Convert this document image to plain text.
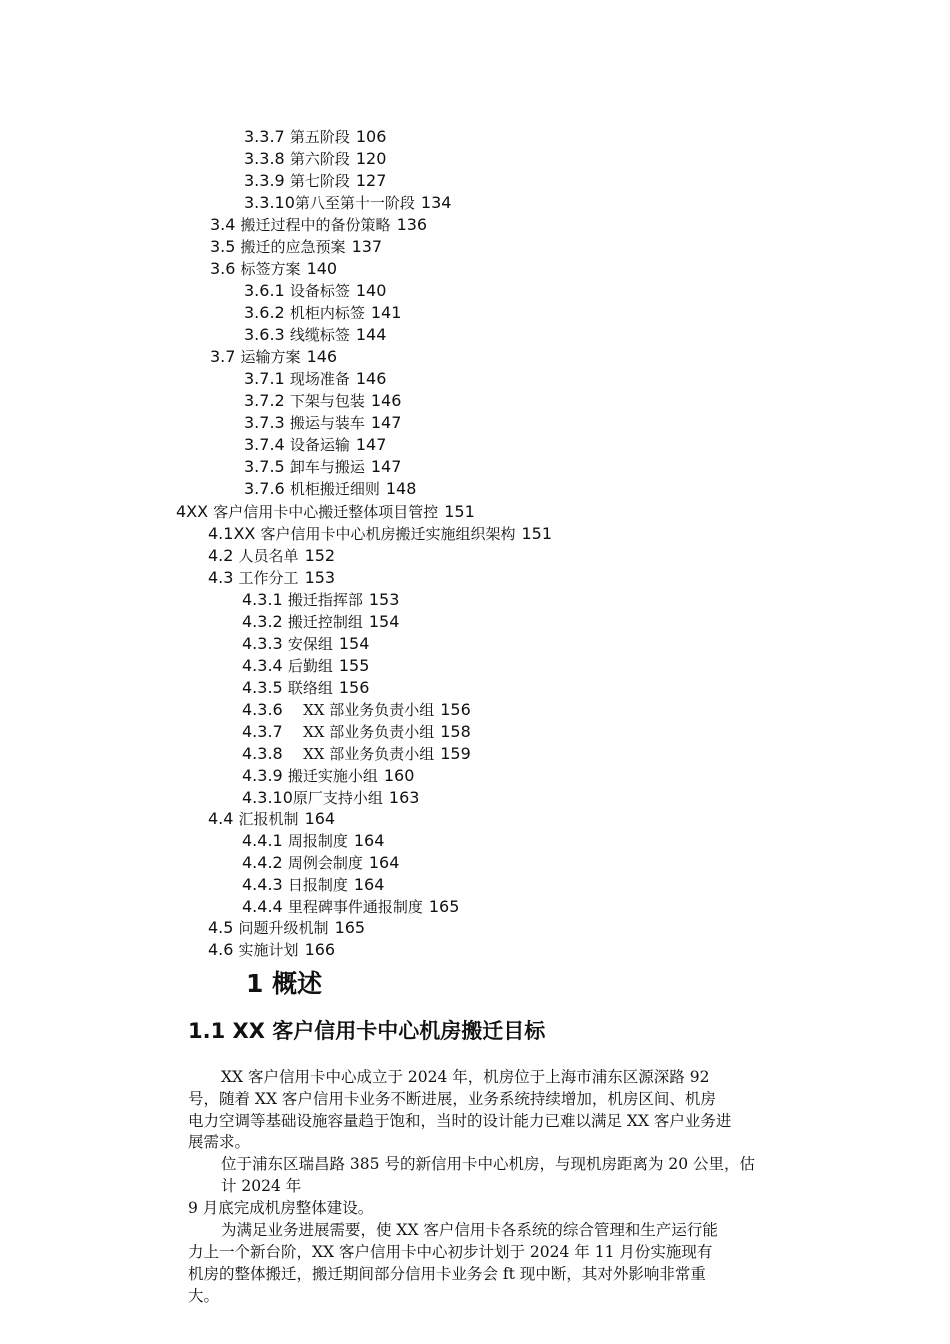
3.3.7 第五阶段 106
3.3.8 第六阶段 120
3.3.9 第七阶段 127
3.3.10第八至第十一阶段 134
3.4 搬迁过程中的备份策略 136
3.5 搬迁的应急预案 137
3.6 标签方案 140
3.6.1 设备标签 140
3.6.2 机柜内标签 141
3.6.3 线缆标签 144
3.7 运输方案 146
3.7.1 现场准备 146
3.7.2 下架与包装 146
3.7.3 搬运与装车 147
3.7.4 设备运输 147
3.7.5 卸车与搬运 147
3.7.6 机柜搬迁细则 148
4XX 客户信用卡中心搬迁整体项目管控 151
4.1XX 客户信用卡中心机房搬迁实施组织架构 151
4.2 人员名单 152
4.3 工作分工 153
4.3.1 搬迁指挥部 153
4.3.2 搬迁控制组 154
4.3.3 安保组 154
4.3.4 后勤组 155
4.3.5 联络组 156
4.3.6 XX 部业务负责小组 156
4.3.7 XX 部业务负责小组 158
4.3.8 XX 部业务负责小组 159
4.3.9 搬迁实施小组 160
4.3.10原厂支持小组 163
4.4 汇报机制 164
4.4.1 周报制度 164
4.4.2 周例会制度 164
4.4.3 日报制度 164
4.4.4 里程碑事件通报制度 165
4.5 问题升级机制 165
4.6 实施计划 166
1 概述
1.1 XX 客户信用卡中心机房搬迁目标
XX 客户信用卡中心成立于 2024 年，机房位于上海市浦东区源深路 92
号，随着 XX 客户信用卡业务不断进展，业务系统持续增加，机房区间、机房
电力空调等基础设施容量趋于饱和，当时的设计能力已难以满足 XX 客户业务进
展需求。
位于浦东区瑞昌路 385 号的新信用卡中心机房，与现机房距离为 20 公里，估
计 2024 年
9 月底完成机房整体建设。
为满足业务进展需要，使 XX 客户信用卡各系统的综合管理和生产运行能
力上一个新台阶，XX 客户信用卡中心初步计划于 2024 年 11 月份实施现有
机房的整体搬迁，搬迁期间部分信用卡业务会 ft 现中断，其对外影响非常重
大。
